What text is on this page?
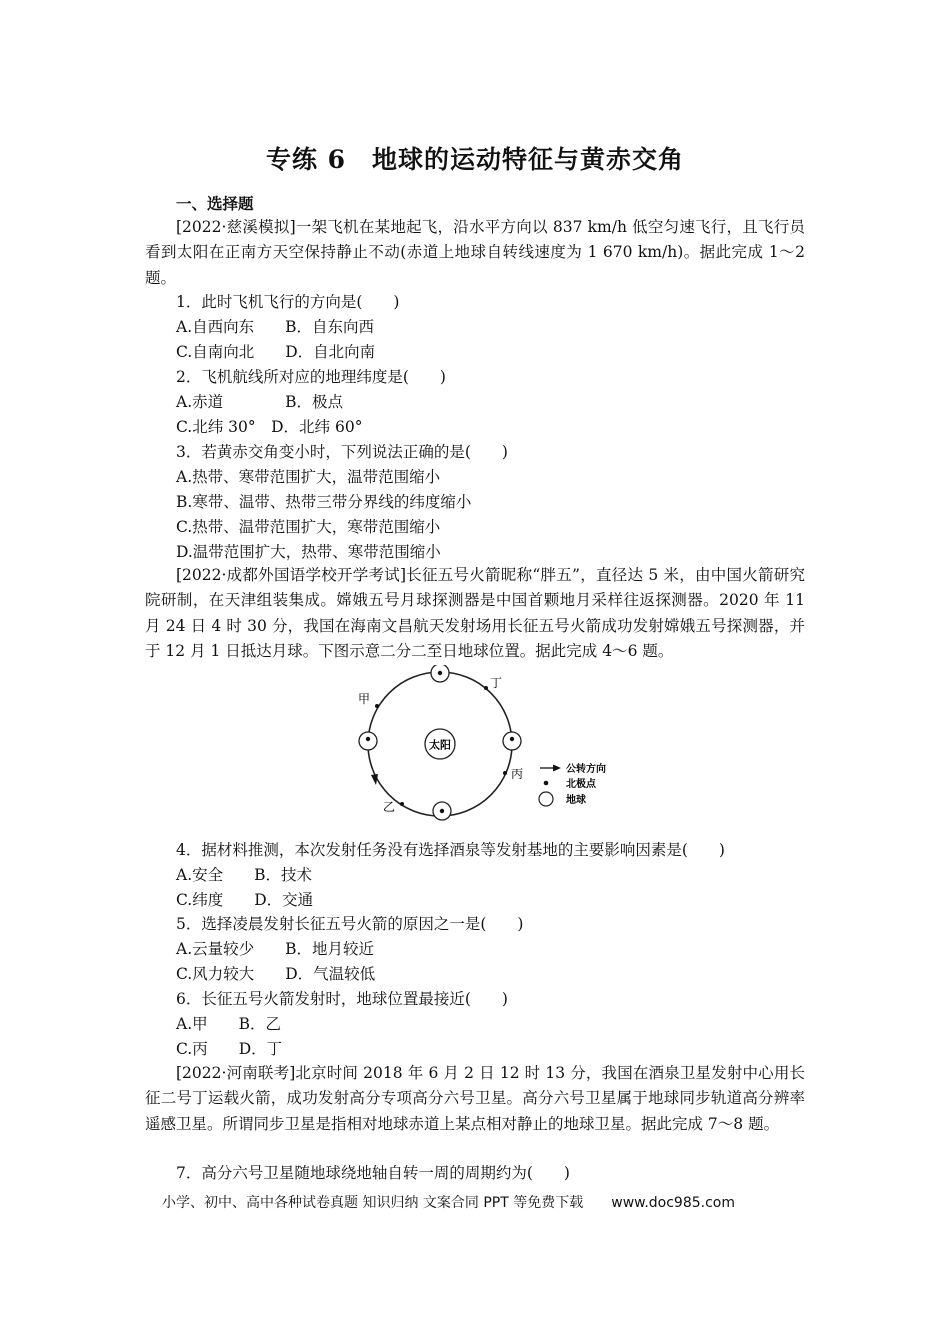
专练 6　地球的运动特征与黄赤交角
一、选择题
[2022·慈溪模拟]一架飞机在某地起飞，沿水平方向以 837 km/h 低空匀速飞行，且飞行员看到太阳在正南方天空保持静止不动(赤道上地球自转线速度为 1 670 km/h)。据此完成 1～2 题。
1．此时飞机飞行的方向是(　　)
A.自西向东　　B．自东向西
C.自南向北　　D．自北向南
2．飞机航线所对应的地理纬度是(　　)
A.赤道　　　　B．极点
C.北纬 30°　D．北纬 60°
3．若黄赤交角变小时，下列说法正确的是(　　)
A.热带、寒带范围扩大，温带范围缩小
B.寒带、温带、热带三带分界线的纬度缩小
C.热带、温带范围扩大，寒带范围缩小
D.温带范围扩大，热带、寒带范围缩小
[2022·成都外国语学校开学考试]长征五号火箭昵称“胖五”，直径达 5 米，由中国火箭研究院研制，在天津组装集成。嫦娥五号月球探测器是中国首颗地月采样往返探测器。2020 年 11 月 24 日 4 时 30 分，我国在海南文昌航天发射场用长征五号火箭成功发射嫦娥五号探测器，并于 12 月 1 日抵达月球。下图示意二分二至日地球位置。据此完成 4～6 题。
太阳
甲
丁
丙
乙
公转方向
北极点
地球
4．据材料推测，本次发射任务没有选择酒泉等发射基地的主要影响因素是(　　)
A.安全　　B．技术
C.纬度　　D．交通
5．选择凌晨发射长征五号火箭的原因之一是(　　)
A.云量较少　　B．地月较近
C.风力较大　　D．气温较低
6．长征五号火箭发射时，地球位置最接近(　　)
A.甲　　B．乙
C.丙　　D．丁
[2022·河南联考]北京时间 2018 年 6 月 2 日 12 时 13 分，我国在酒泉卫星发射中心用长征二号丁运载火箭，成功发射高分专项高分六号卫星。高分六号卫星属于地球同步轨道高分辨率遥感卫星。所谓同步卫星是指相对地球赤道上某点相对静止的地球卫星。据此完成 7～8 题。
7．高分六号卫星随地球绕地轴自转一周的周期约为(　　)
小学、初中、高中各种试卷真题 知识归纳 文案合同 PPT 等免费下载 www.doc985.com
